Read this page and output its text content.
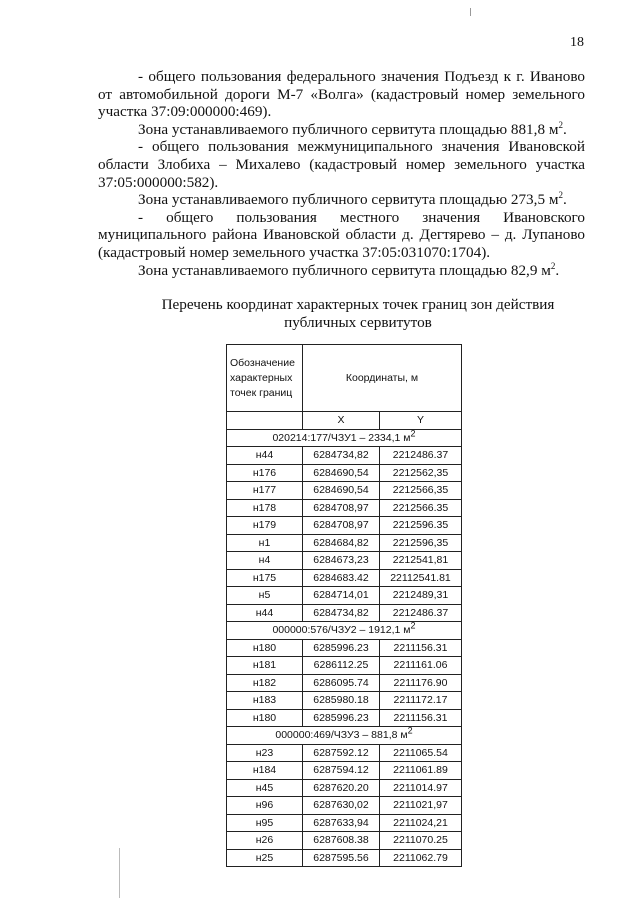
18
- общего пользования федерального значения Подъезд к г. Иваново
от автомобильной дороги М-7 «Волга» (кадастровый номер земельного
участка 37:09:000000:469).
Зона устанавливаемого публичного сервитута площадью 881,8 $м^2$.
- общего пользования межмуниципального значения Ивановской
области Злобиха – Михалево (кадастровый номер земельного участка
37:05:000000:582).
Зона устанавливаемого публичного сервитута площадью 273,5 $м^2$.
- общего пользования местного значения Ивановского
муниципального района Ивановской области д. Дегтярево – д. Лупаново
(кадастровый номер земельного участка 37:05:031070:1704).
Зона устанавливаемого публичного сервитута площадью 82,9 $м^2$.
Перечень координат характерных точек границ зон действия
публичных сервитутов
Обозначение
характерных
точек границ	Координаты, м	
	X	Y
020214:177/ЧЗУ1 – 2334,1 $м^2$
н44	6284734,82	2212486.37
н176	6284690,54	2212562,35
н177	6284690,54	2212566,35
н178	6284708,97	2212566.35
н179	6284708,97	2212596.35
н1	6284684,82	2212596,35
н4	6284673,23	2212541,81
н175	6284683.42	22112541.81
н5	6284714,01	2212489,31
н44	6284734,82	2212486.37
000000:576/ЧЗУ2 – 1912,1 $м^2$
н180	6285996.23	2211156.31
н181	6286112.25	2211161.06
н182	6286095.74	2211176.90
н183	6285980.18	2211172.17
н180	6285996.23	2211156.31
000000:469/ЧЗУ3 – 881,8 $м^2$
н23	6287592.12	2211065.54
н184	6287594.12	2211061.89
н45	6287620.20	2211014.97
н96	6287630,02	2211021,97
н95	6287633,94	2211024,21
н26	6287608.38	2211070.25
н25	6287595.56	2211062.79
